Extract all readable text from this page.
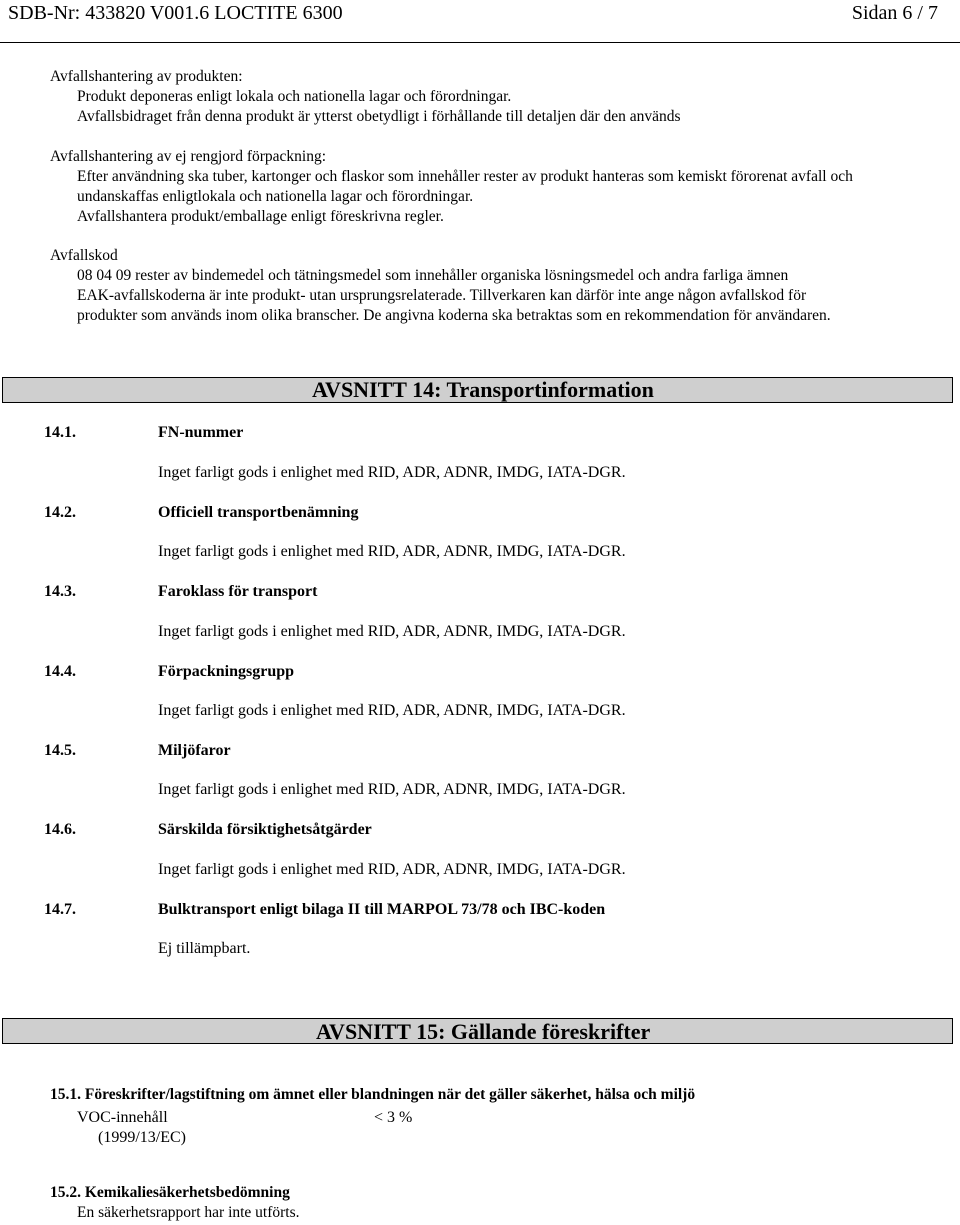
SDB-Nr: 433820 V001.6 LOCTITE 6300	Sidan 6 / 7
Avfallshantering av produkten:
Produkt deponeras enligt lokala och nationella lagar och förordningar.
Avfallsbidraget från denna produkt är ytterst obetydligt i förhållande till detaljen där den används
Avfallshantering av ej rengjord förpackning:
Efter användning ska tuber, kartonger och flaskor som innehåller rester av produkt hanteras som kemiskt förorenat avfall och
undanskaffas enligtlokala och nationella lagar och förordningar.
Avfallshantera produkt/emballage enligt föreskrivna regler.
Avfallskod
08 04 09 rester av bindemedel och tätningsmedel som innehåller organiska lösningsmedel och andra farliga ämnen
EAK-avfallskoderna är inte produkt- utan ursprungsrelaterade. Tillverkaren kan därför inte ange någon avfallskod för
produkter som används inom olika branscher. De angivna koderna ska betraktas som en rekommendation för användaren.
AVSNITT 14: Transportinformation
14.1.	FN-nummer
Inget farligt gods i enlighet med RID, ADR, ADNR, IMDG, IATA-DGR.
14.2.	Officiell transportbenämning
Inget farligt gods i enlighet med RID, ADR, ADNR, IMDG, IATA-DGR.
14.3.	Faroklass för transport
Inget farligt gods i enlighet med RID, ADR, ADNR, IMDG, IATA-DGR.
14.4.	Förpackningsgrupp
Inget farligt gods i enlighet med RID, ADR, ADNR, IMDG, IATA-DGR.
14.5.	Miljöfaror
Inget farligt gods i enlighet med RID, ADR, ADNR, IMDG, IATA-DGR.
14.6.	Särskilda försiktighetsåtgärder
Inget farligt gods i enlighet med RID, ADR, ADNR, IMDG, IATA-DGR.
14.7.	Bulktransport enligt bilaga II till MARPOL 73/78 och IBC-koden
Ej tillämpbart.
AVSNITT 15: Gällande föreskrifter
15.1. Föreskrifter/lagstiftning om ämnet eller blandningen när det gäller säkerhet, hälsa och miljö
VOC-innehåll	< 3 %
(1999/13/EC)
15.2. Kemikaliesäkerhetsbedömning
En säkerhetsrapport har inte utförts.
